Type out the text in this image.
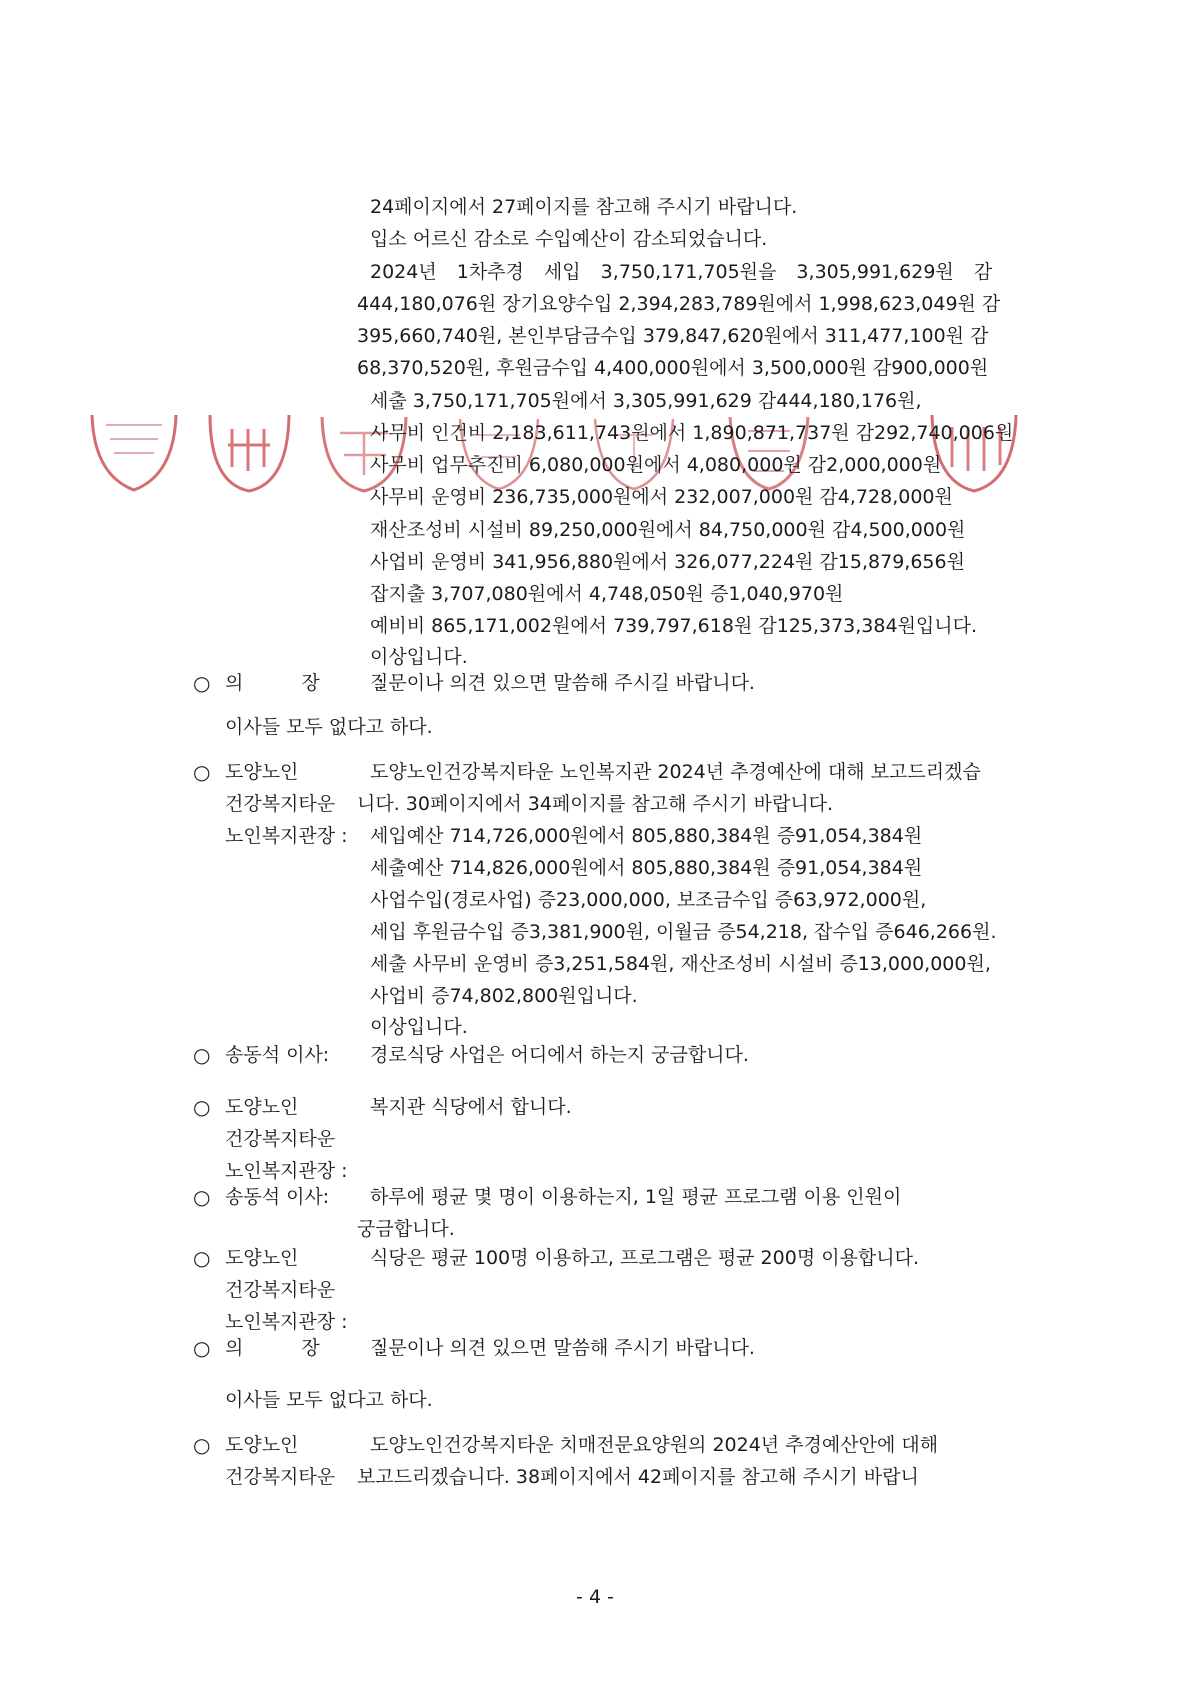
24페이지에서 27페이지를 참고해 주시기 바랍니다.
입소 어르신 감소로 수입예산이 감소되었습니다.
2024년 1차추경 세입 3,750,171,705원을 3,305,991,629원 감
444,180,076원 장기요양수입 2,394,283,789원에서 1,998,623,049원 감
395,660,740원, 본인부담금수입 379,847,620원에서 311,477,100원 감
68,370,520원, 후원금수입 4,400,000원에서 3,500,000원 감900,000원
세출 3,750,171,705원에서 3,305,991,629 감444,180,176원,
사무비 인건비 2,183,611,743원에서 1,890,871,737원 감292,740,006원
사무비 업무추진비 6,080,000원에서 4,080,000원 감2,000,000원
사무비 운영비 236,735,000원에서 232,007,000원 감4,728,000원
재산조성비 시설비 89,250,000원에서 84,750,000원 감4,500,000원
사업비 운영비 341,956,880원에서 326,077,224원 감15,879,656원
잡지출 3,707,080원에서 4,748,050원 증1,040,970원
예비비 865,171,002원에서 739,797,618원 감125,373,384원입니다.
이상입니다.
○ 의 장 :
질문이나 의견 있으면 말씀해 주시길 바랍니다.
이사들 모두 없다고 하다.
○ 도양노인
건강복지타운
노인복지관장 :
도양노인건강복지타운 노인복지관 2024년 추경예산에 대해 보고드리겠습
니다. 30페이지에서 34페이지를 참고해 주시기 바랍니다.
세입예산 714,726,000원에서 805,880,384원 증91,054,384원
세출예산 714,826,000원에서 805,880,384원 증91,054,384원
사업수입(경로사업) 증23,000,000, 보조금수입 증63,972,000원,
세입 후원금수입 증3,381,900원, 이월금 증54,218, 잡수입 증646,266원.
세출 사무비 운영비 증3,251,584원, 재산조성비 시설비 증13,000,000원,
사업비 증74,802,800원입니다.
이상입니다.
○ 송동석 이사: 경로식당 사업은 어디에서 하는지 궁금합니다.
○ 도양노인
건강복지타운
노인복지관장 :
복지관 식당에서 합니다.
○ 송동석 이사: 하루에 평균 몇 명이 이용하는지, 1일 평균 프로그램 이용 인원이
궁금합니다.
○ 도양노인
건강복지타운
노인복지관장 :
식당은 평균 100명 이용하고, 프로그램은 평균 200명 이용합니다.
○ 의 장 :
질문이나 의견 있으면 말씀해 주시기 바랍니다.
이사들 모두 없다고 하다.
○ 도양노인
건강복지타운
도양노인건강복지타운 치매전문요양원의 2024년 추경예산안에 대해
보고드리겠습니다. 38페이지에서 42페이지를 참고해 주시기 바랍니
- 4 -
